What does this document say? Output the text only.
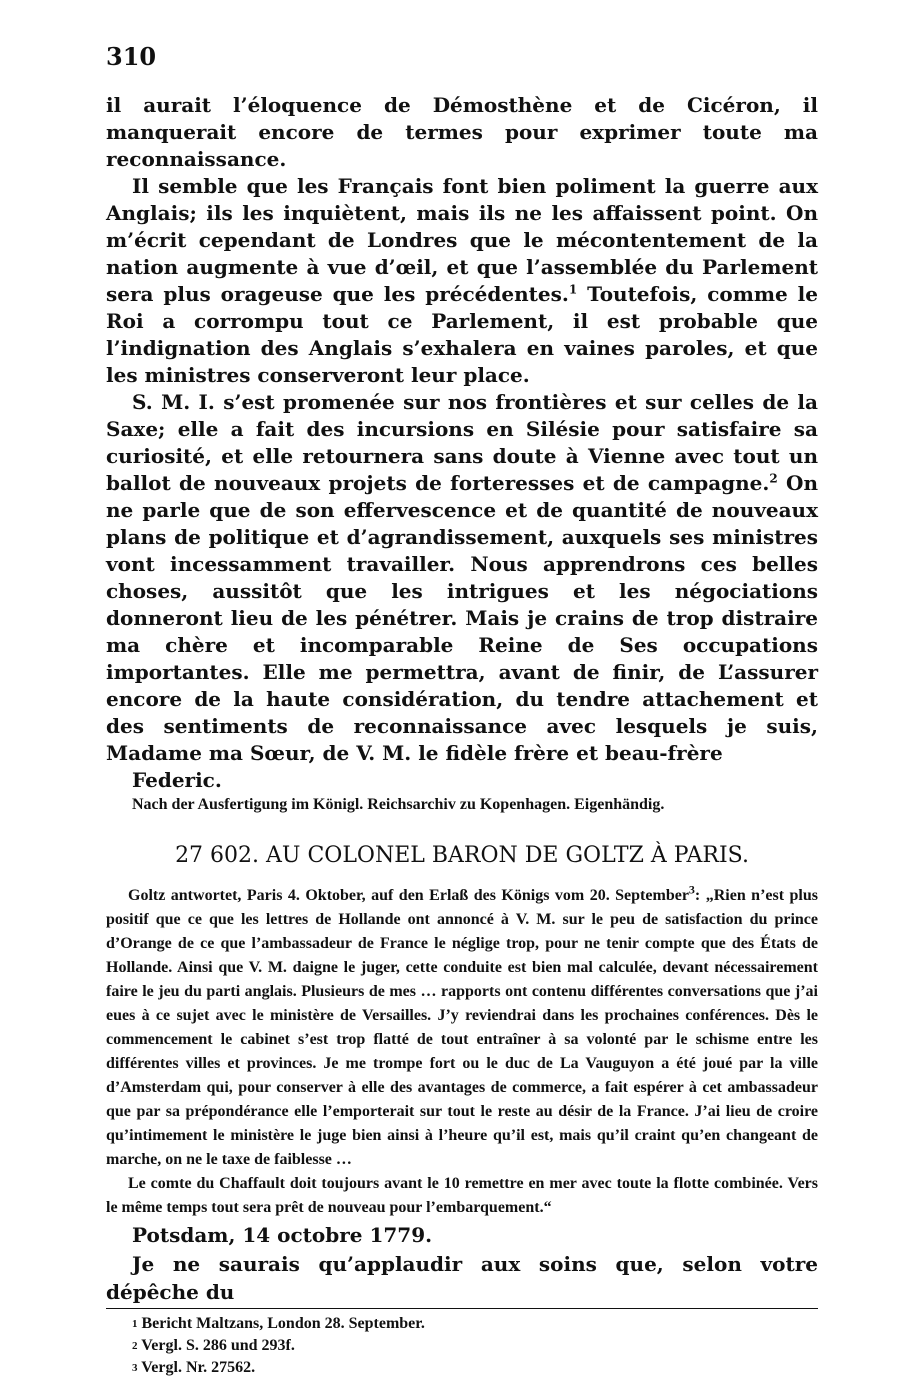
310

il aurait l’éloquence de Démosthène et de Cicéron, il manquerait encore de termes pour exprimer toute ma reconnaissance.

Il semble que les Français font bien poliment la guerre aux Anglais; ils les inquiètent, mais ils ne les affaissent point. On m’écrit cependant de Londres que le mécontentement de la nation augmente à vue d’œil, et que l’assemblée du Parlement sera plus orageuse que les précédentes.$^1$ Toutefois, comme le Roi a corrompu tout ce Parlement, il est probable que l’indignation des Anglais s’exhalera en vaines paroles, et que les ministres conserveront leur place.

S. M. I. s’est promenée sur nos frontières et sur celles de la Saxe; elle a fait des incursions en Silésie pour satisfaire sa curiosité, et elle retournera sans doute à Vienne avec tout un ballot de nouveaux projets de forteresses et de campagne.$^2$ On ne parle que de son effervescence et de quantité de nouveaux plans de politique et d’agrandissement, auxquels ses ministres vont incessamment travailler. Nous apprendrons ces belles choses, aussitôt que les intrigues et les négociations donneront lieu de les pénétrer. Mais je crains de trop distraire ma chère et incomparable Reine de Ses occupations importantes. Elle me permettra, avant de finir, de L’assurer encore de la haute considération, du tendre attachement et des sentiments de reconnaissance avec lesquels je suis, Madame ma Sœur, de V. M. le fidèle frère et beau-frère

Federic.

Nach der Ausfertigung im Königl. Reichsarchiv zu Kopenhagen. Eigenhändig.

27 602. AU COLONEL BARON DE GOLTZ À PARIS.

Goltz antwortet, Paris 4. Oktober, auf den Erlaß des Königs vom 20. September$^3$: „Rien n’est plus positif que ce que les lettres de Hollande ont annoncé à V. M. sur le peu de satisfaction du prince d’Orange de ce que l’ambassadeur de France le néglige trop, pour ne tenir compte que des États de Hollande. Ainsi que V. M. daigne le juger, cette conduite est bien mal calculée, devant nécessairement faire le jeu du parti anglais. Plusieurs de mes … rapports ont contenu différentes conversations que j’ai eues à ce sujet avec le ministère de Versailles. J’y reviendrai dans les prochaines conférences. Dès le commencement le cabinet s’est trop flatté de tout entraîner à sa volonté par le schisme entre les différentes villes et provinces. Je me trompe fort ou le duc de La Vauguyon a été joué par la ville d’Amsterdam qui, pour conserver à elle des avantages de commerce, a fait espérer à cet ambassadeur que par sa prépondérance elle l’emporterait sur tout le reste au désir de la France. J’ai lieu de croire qu’intimement le ministère le juge bien ainsi à l’heure qu’il est, mais qu’il craint qu’en changeant de marche, on ne le taxe de faiblesse …

Le comte du Chaffault doit toujours avant le 10 remettre en mer avec toute la flotte combinée. Vers le même temps tout sera prêt de nouveau pour l’embarquement.“

Potsdam, 14 octobre 1779.

Je ne saurais qu’applaudir aux soins que, selon votre dépêche du

$^1$ Bericht Maltzans, London 28. September.

$^2$ Vergl. S. 286 und 293f.

$^3$ Vergl. Nr. 27562.
